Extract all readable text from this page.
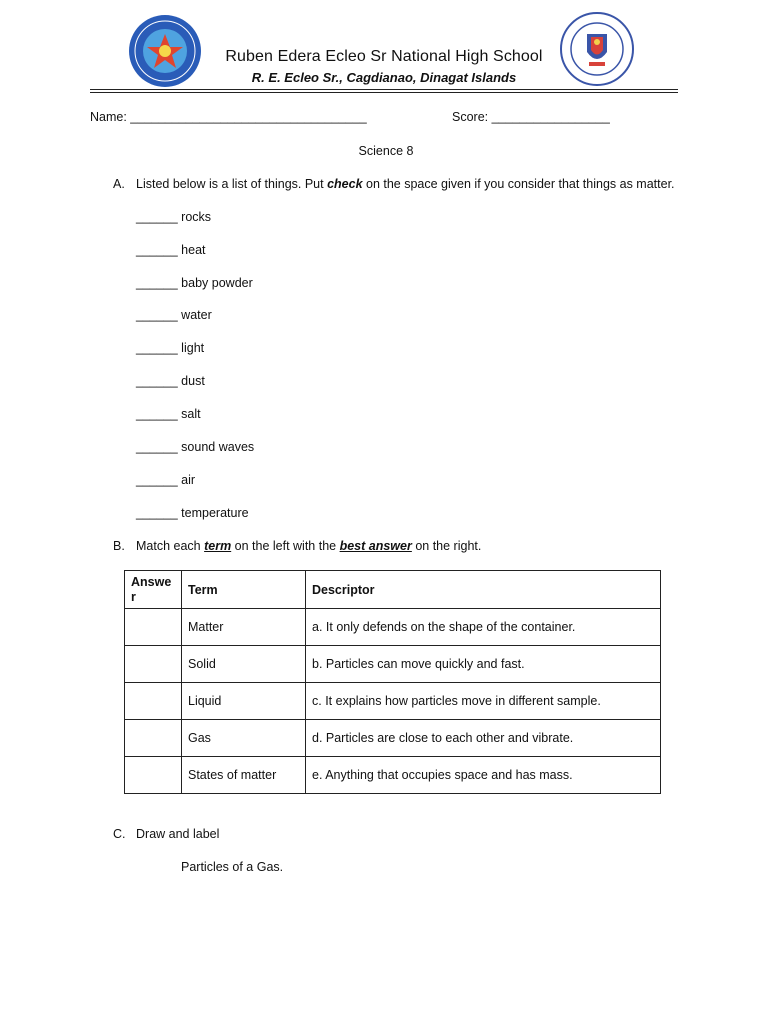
Ruben Edera Ecleo Sr National High School
R. E. Ecleo Sr., Cagdianao, Dinagat Islands
Name: __________________________________	Score: _________________
Science 8
A. Listed below is a list of things. Put check on the space given if you consider that things as matter.
______ rocks
______ heat
______ baby powder
______ water
______ light
______ dust
______ salt
______ sound waves
______ air
______ temperature
B. Match each term on the left with the best answer on the right.
Answe
r	Term	Descriptor
	Matter	a. It only defends on the shape of the container.
	Solid	b. Particles can move quickly and fast.
	Liquid	c. It explains how particles move in different sample.
	Gas	d. Particles are close to each other and vibrate.
	States of matter	e. Anything that occupies space and has mass.
C. Draw and label
Particles of a Gas.
